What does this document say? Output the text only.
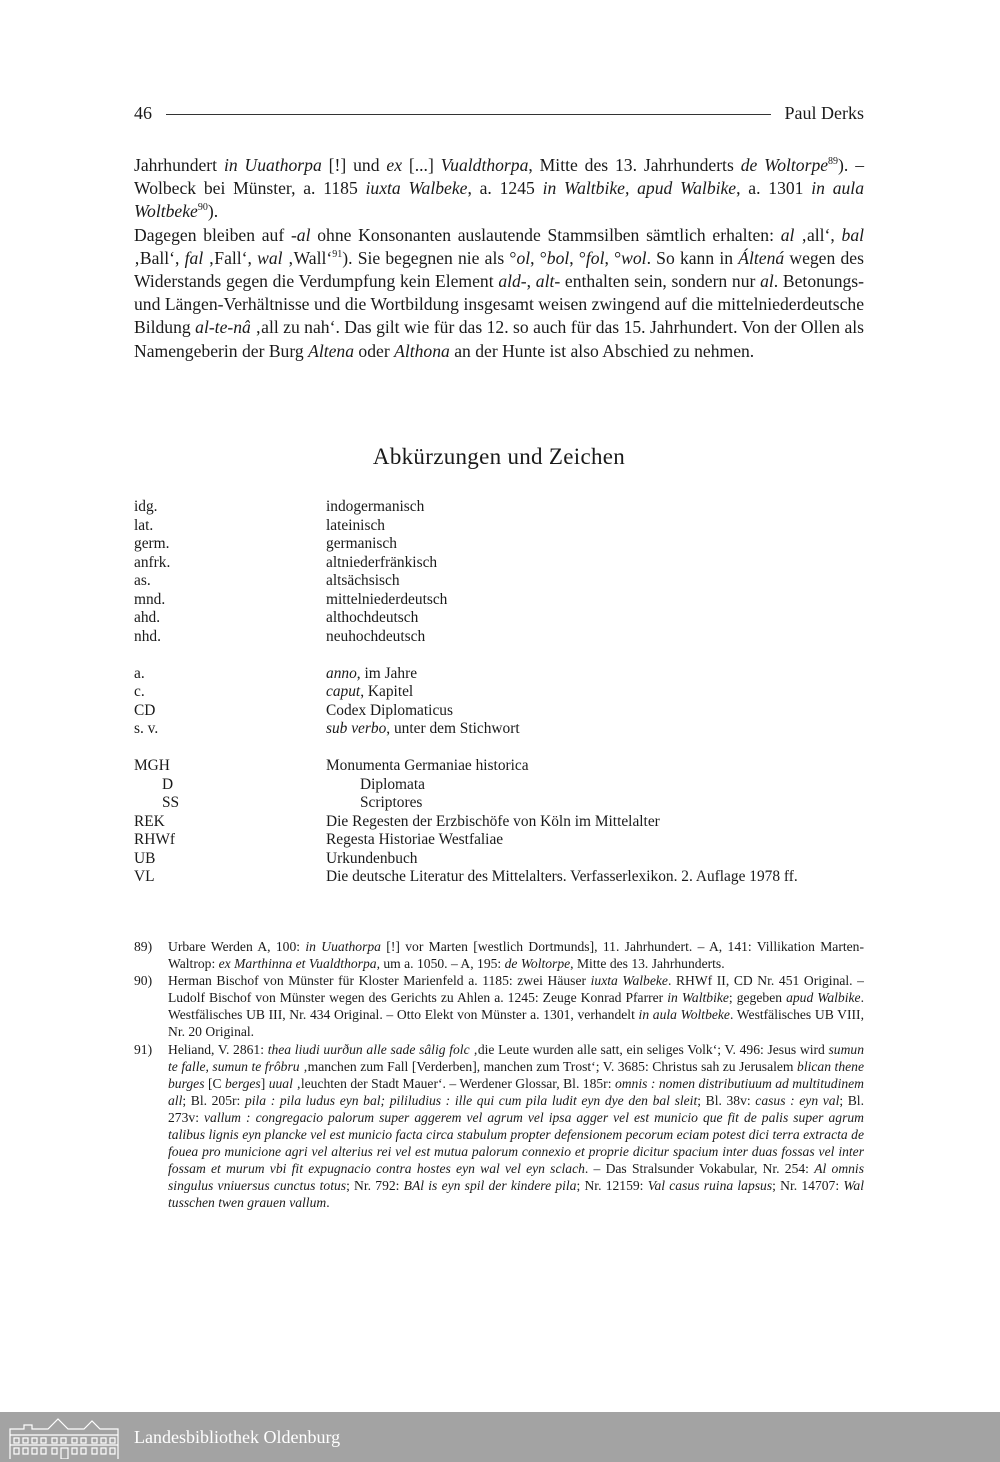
46	Paul Derks

Jahrhundert in Uuathorpa [!] und ex [...] Vualdthorpa, Mitte des 13. Jahrhunderts de Woltorpe$^{89}$). – Wolbeck bei Münster, a. 1185 iuxta Walbeke, a. 1245 in Waltbike, apud Walbike, a. 1301 in aula Woltbeke$^{90}$).

Dagegen bleiben auf -al ohne Konsonanten auslautende Stammsilben sämtlich erhalten: al ‚all‘, bal ‚Ball‘, fal ‚Fall‘, wal ‚Wall‘$^{91}$). Sie begegnen nie als °ol, °bol, °fol, °wol. So kann in Áltená wegen des Widerstands gegen die Verdumpfung kein Element ald-, alt- enthalten sein, sondern nur al. Betonungs- und Längen-Verhältnisse und die Wortbildung insgesamt weisen zwingend auf die mittelniederdeutsche Bildung al-te-nâ ‚all zu nah‘. Das gilt wie für das 12. so auch für das 15. Jahrhundert. Von der Ollen als Namengeberin der Burg Altena oder Althona an der Hunte ist also Abschied zu nehmen.

Abkürzungen und Zeichen
idg.	indogermanisch
lat.	lateinisch
germ.	germanisch
anfrk.	altniederfränkisch
as.	altsächsisch
mnd.	mittelniederdeutsch
ahd.	althochdeutsch
nhd.	neuhochdeutsch
a.	anno, im Jahre
c.	caput, Kapitel
CD	Codex Diplomaticus
s. v.	sub verbo, unter dem Stichwort
MGH	Monumenta Germaniae historica
D	Diplomata
SS	Scriptores
REK	Die Regesten der Erzbischöfe von Köln im Mittelalter
RHWf	Regesta Historiae Westfaliae
UB	Urkundenbuch
VL	Die deutsche Literatur des Mittelalters. Verfasserlexikon. 2. Auflage 1978 ff.
89)	Urbare Werden A, 100: in Uuathorpa [!] vor Marten [westlich Dortmunds], 11. Jahrhundert. – A, 141: Villikation Marten-Waltrop: ex Marthinna et Vualdthorpa, um a. 1050. – A, 195: de Woltorpe, Mitte des 13. Jahrhunderts.
90)	Herman Bischof von Münster für Kloster Marienfeld a. 1185: zwei Häuser iuxta Walbeke. RHWf II, CD Nr. 451 Original. – Ludolf Bischof von Münster wegen des Gerichts zu Ahlen a. 1245: Zeuge Konrad Pfarrer in Waltbike; gegeben apud Walbike. Westfälisches UB III, Nr. 434 Original. – Otto Elekt von Münster a. 1301, verhandelt in aula Woltbeke. Westfälisches UB VIII, Nr. 20 Original.
91)	Heliand, V. 2861: thea liudi uurðun alle sade sâlig folc ‚die Leute wurden alle satt, ein seliges Volk‘; V. 496: Jesus wird sumun te falle, sumun te frôbru ‚manchen zum Fall [Verderben], manchen zum Trost‘; V. 3685: Christus sah zu Jerusalem blican thene burges [C berges] uual ‚leuchten der Stadt Mauer‘. – Werdener Glossar, Bl. 185r: omnis : nomen distributiuum ad multitudinem all; Bl. 205r: pila : pila ludus eyn bal; pililudius : ille qui cum pila ludit eyn dye den bal sleit; Bl. 38v: casus : eyn val; Bl. 273v: vallum : congregacio palorum super aggerem vel agrum vel ipsa agger vel est municio que fit de palis super agrum talibus lignis eyn plancke vel est municio facta circa stabulum propter defensionem pecorum eciam potest dici terra extracta de fouea pro municione agri vel alterius rei vel est mutua palorum connexio et proprie dicitur spacium inter duas fossas vel inter fossam et murum vbi fit expugnacio contra hostes eyn wal vel eyn sclach. – Das Stralsunder Vokabular, Nr. 254: Al omnis singulus vniuersus cunctus totus; Nr. 792: BAl is eyn spil der kindere pila; Nr. 12159: Val casus ruina lapsus; Nr. 14707: Wal tusschen twen grauen vallum.
Landesbibliothek Oldenburg
